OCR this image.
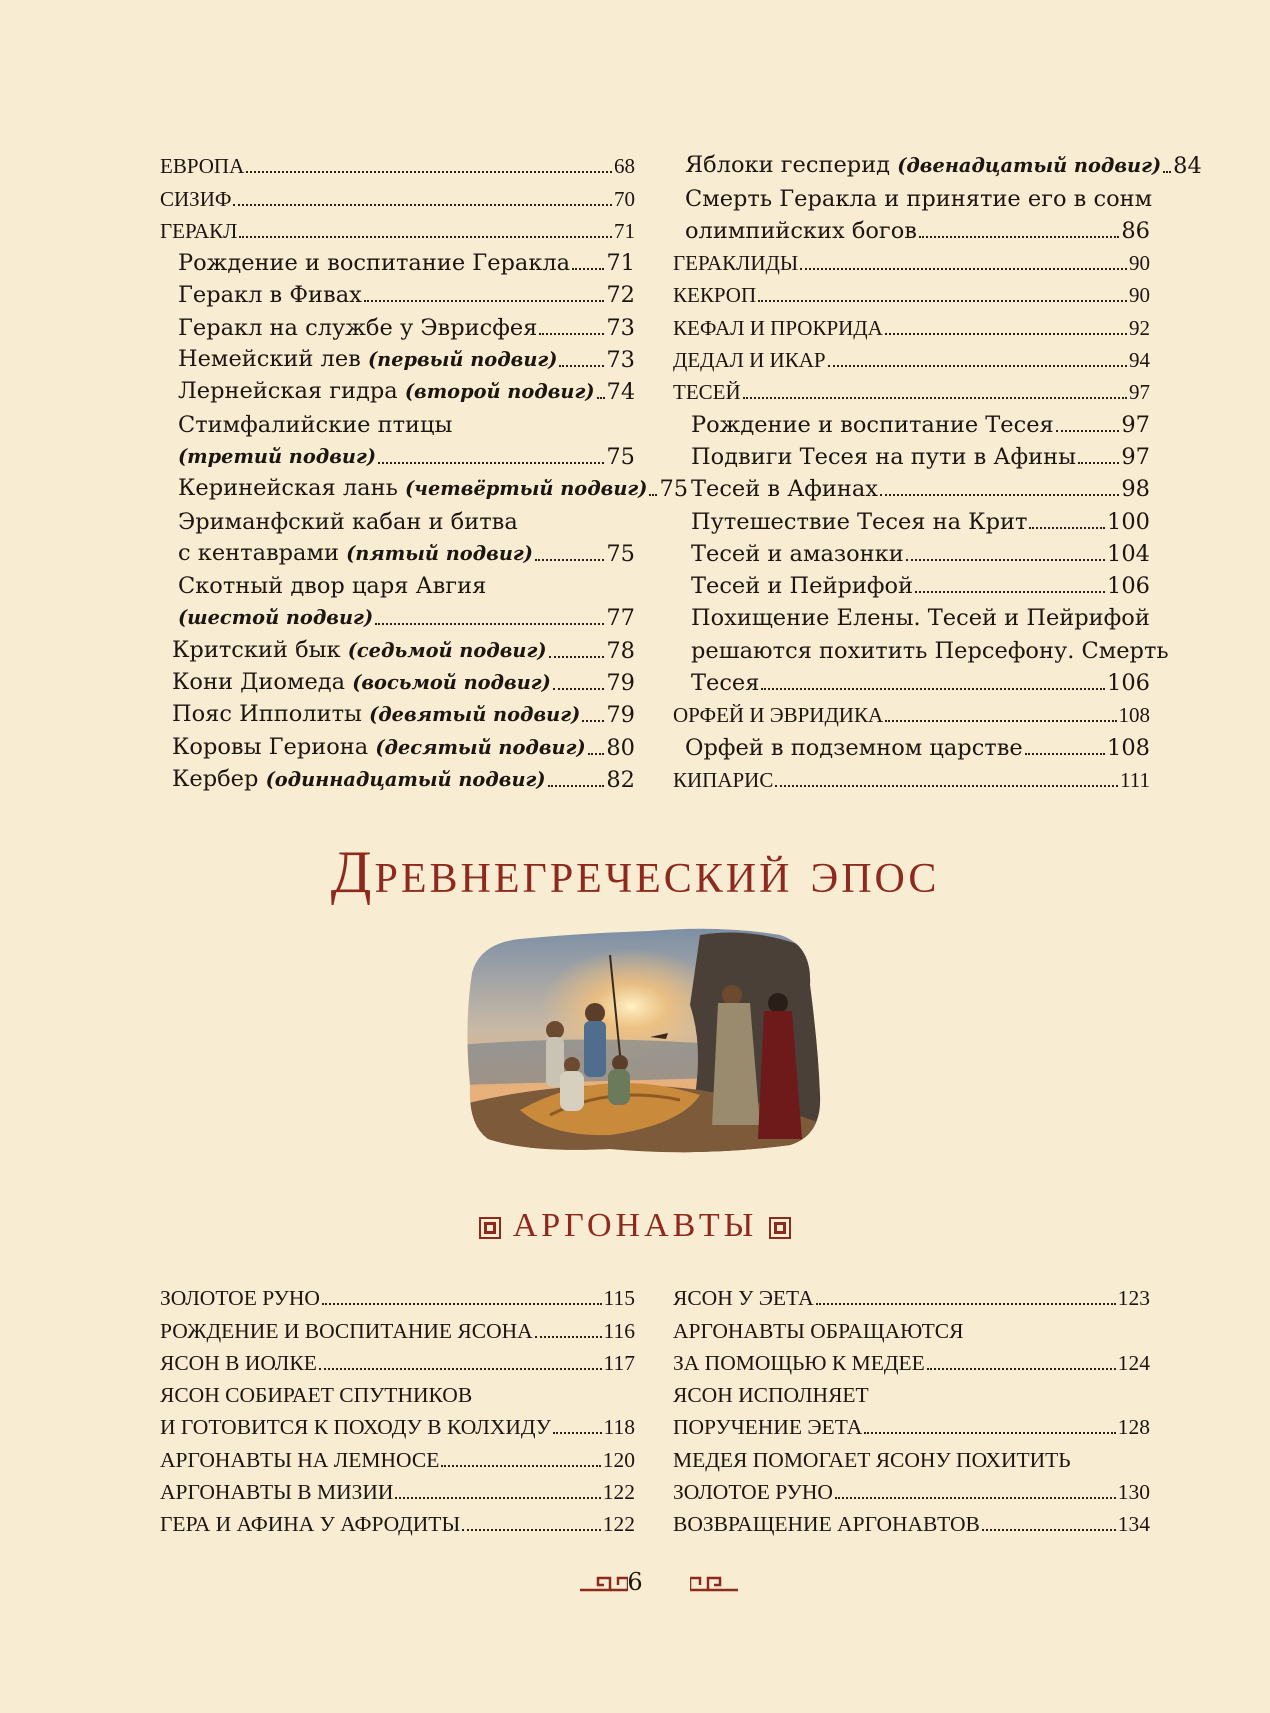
ЕВРОПА	68
СИЗИФ	70
ГЕРАКЛ	71
Рождение и воспитание Геракла 71
Геракл в Фивах	72
Геракл на службе у Эврисфея	73
Немейский лев (первый подвиг) 73
Лернейская гидра (второй подвиг) 74
Стимфалийские птицы
(третий подвиг)	75
Керинейская лань (четвёртый подвиг) 75
Эриманфский кабан и битва
с кентаврами (пятый подвиг)	75
Скотный двор царя Авгия
(шестой подвиг)	77
Критский бык (седьмой подвиг)	78
Кони Диомеда (восьмой подвиг) 79
Пояс Ипполиты (девятый подвиг) 79
Коровы Гериона (десятый подвиг) 80
Кербер (одиннадцатый подвиг)	82
Яблоки гесперид (двенадцатый подвиг) 84
Смерть Геракла и принятие его в сонм
олимпийских богов	86
ГЕРАКЛИДЫ	90
КЕКРОП	90
КЕФАЛ И ПРОКРИДА	92
ДЕДАЛ И ИКАР	94
ТЕСЕЙ	97
Рождение и воспитание Тесея	97
Подвиги Тесея на пути в Афины 97
Тесей в Афинах	98
Путешествие Тесея на Крит	100
Тесей и амазонки	104
Тесей и Пейрифой	106
Похищение Елены. Тесей и Пейрифой
решаются похитить Персефону. Смерть
Тесея	106
ОРФЕЙ И ЭВРИДИКА	108
Орфей в подземном царстве	108
КИПАРИС	111
Древнегреческий эпос
АРГОНАВТЫ
ЗОЛОТОЕ РУНО	115
РОЖДЕНИЕ И ВОСПИТАНИЕ ЯСОНА	116
ЯСОН В ИОЛКЕ	117
ЯСОН СОБИРАЕТ СПУТНИКОВ
И ГОТОВИТСЯ К ПОХОДУ В КОЛХИДУ 118
АРГОНАВТЫ НА ЛЕМНОСЕ	120
АРГОНАВТЫ В МИЗИИ	122
ГЕРА И АФИНА У АФРОДИТЫ	122
ЯСОН У ЭЕТА	123
АРГОНАВТЫ ОБРАЩАЮТСЯ
ЗА ПОМОЩЬЮ К МЕДЕЕ	124
ЯСОН ИСПОЛНЯЕТ
ПОРУЧЕНИЕ ЭЕТА	128
МЕДЕЯ ПОМОГАЕТ ЯСОНУ ПОХИТИТЬ
ЗОЛОТОЕ РУНО	130
ВОЗВРАЩЕНИЕ АРГОНАВТОВ	134
6
